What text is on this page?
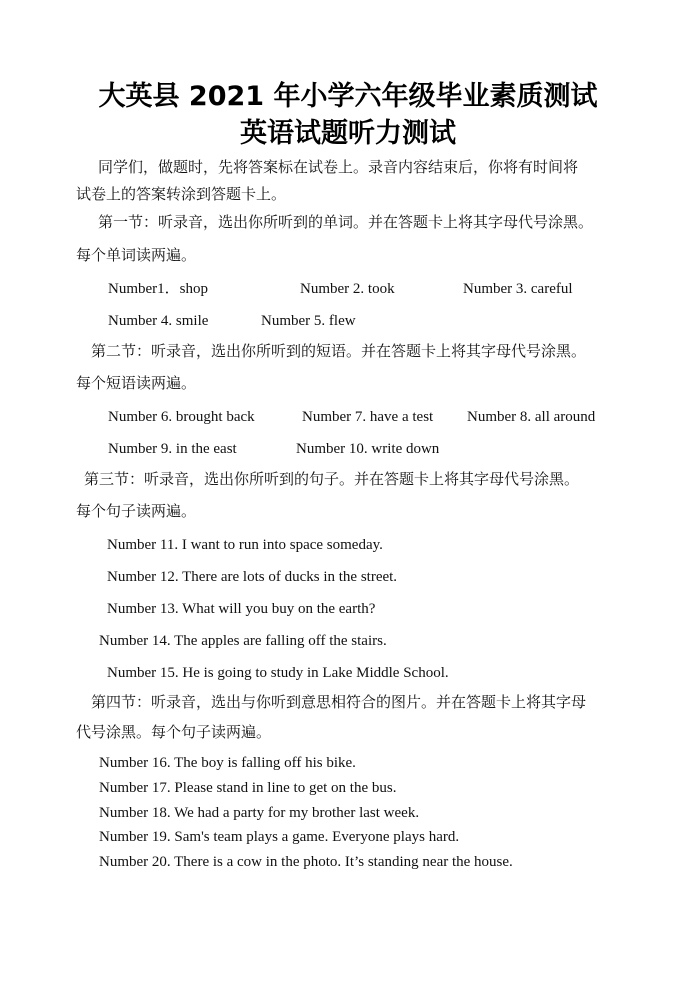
大英县 2021 年小学六年级毕业素质测试
英语试题听力测试
同学们，做题时，先将答案标在试卷上。录音内容结束后，你将有时间将
试卷上的答案转涂到答题卡上。
第一节：听录音，选出你所听到的单词。并在答题卡上将其字母代号涂黑。
每个单词读两遍。
Number1．shop	Number 2. took	Number 3. careful
Number 4. smile	Number 5. flew
第二节：听录音，选出你所听到的短语。并在答题卡上将其字母代号涂黑。
每个短语读两遍。
Number 6. brought back	Number 7. have a test Number 8. all around
Number 9. in the east	Number 10. write down
第三节：听录音，选出你所听到的句子。并在答题卡上将其字母代号涂黑。
每个句子读两遍。
Number 11. I want to run into space someday.
Number 12. There are lots of ducks in the street.
Number 13. What will you buy on the earth?
Number 14. The apples are falling off the stairs.
Number 15. He is going to study in Lake Middle School.
第四节：听录音，选出与你听到意思相符合的图片。并在答题卡上将其字母
代号涂黑。每个句子读两遍。
Number 16. The boy is falling off his bike.
Number 17. Please stand in line to get on the bus.
Number 18. We had a party for my brother last week.
Number 19. Sam's team plays a game. Everyone plays hard.
Number 20. There is a cow in the photo. It’s standing near the house.
